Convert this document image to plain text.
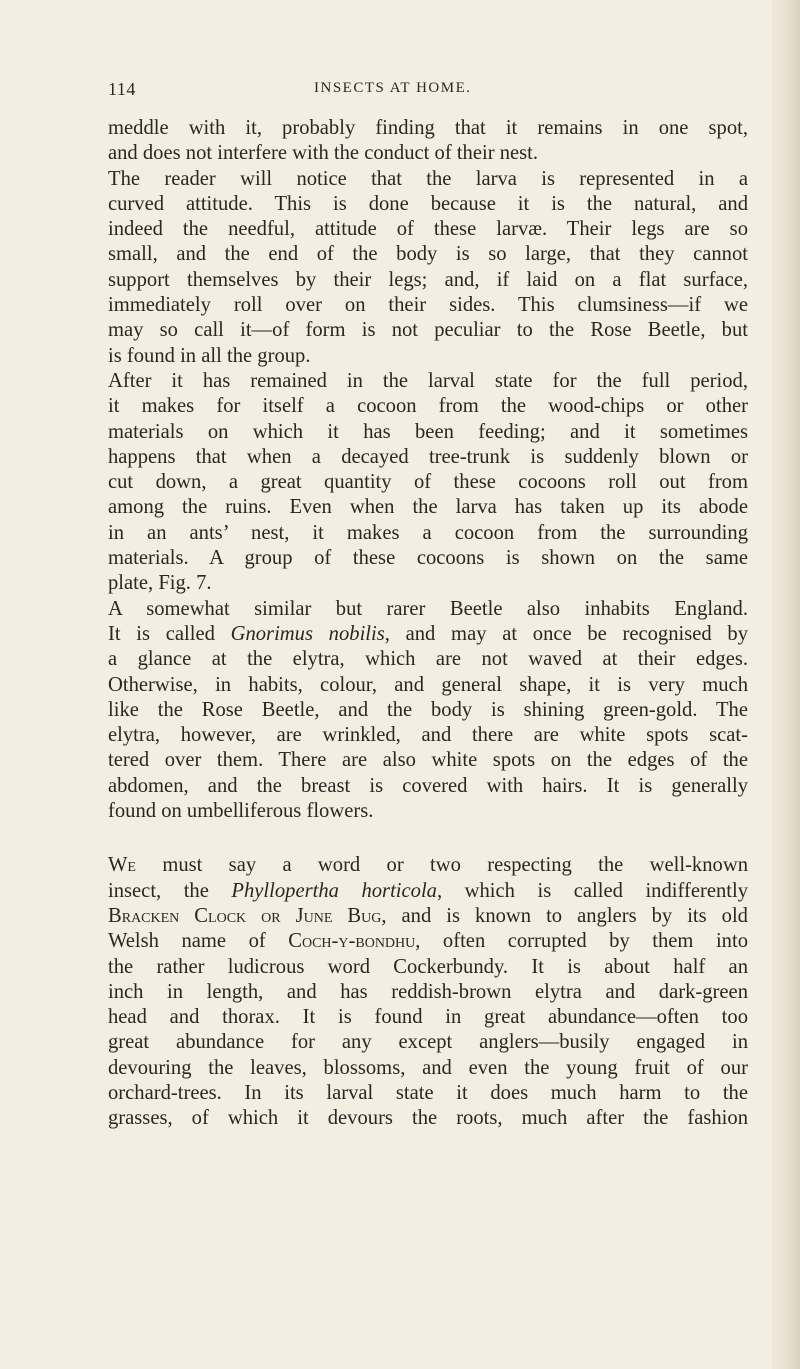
114	INSECTS AT HOME.
meddle with it, probably finding that it remains in one spot,
and does not interfere with the conduct of their nest.
The reader will notice that the larva is represented in a
curved attitude. This is done because it is the natural, and
indeed the needful, attitude of these larvæ. Their legs are so
small, and the end of the body is so large, that they cannot
support themselves by their legs; and, if laid on a flat surface,
immediately roll over on their sides. This clumsiness—if we
may so call it—of form is not peculiar to the Rose Beetle, but
is found in all the group.
After it has remained in the larval state for the full period,
it makes for itself a cocoon from the wood-chips or other
materials on which it has been feeding; and it sometimes
happens that when a decayed tree-trunk is suddenly blown or
cut down, a great quantity of these cocoons roll out from
among the ruins. Even when the larva has taken up its abode
in an ants’ nest, it makes a cocoon from the surrounding
materials. A group of these cocoons is shown on the same
plate, Fig. 7.
A somewhat similar but rarer Beetle also inhabits England.
It is called Gnorimus nobilis, and may at once be recognised by
a glance at the elytra, which are not waved at their edges.
Otherwise, in habits, colour, and general shape, it is very much
like the Rose Beetle, and the body is shining green-gold. The
elytra, however, are wrinkled, and there are white spots scat-
tered over them. There are also white spots on the edges of the
abdomen, and the breast is covered with hairs. It is generally
found on umbelliferous flowers.
We must say a word or two respecting the well-known
insect, the Phyllopertha horticola, which is called indifferently
Bracken Clock or June Bug, and is known to anglers by its old
Welsh name of Coch-y-bondhu, often corrupted by them into
the rather ludicrous word Cockerbundy. It is about half an
inch in length, and has reddish-brown elytra and dark-green
head and thorax. It is found in great abundance—often too
great abundance for any except anglers—busily engaged in
devouring the leaves, blossoms, and even the young fruit of our
orchard-trees. In its larval state it does much harm to the
grasses, of which it devours the roots, much after the fashion
